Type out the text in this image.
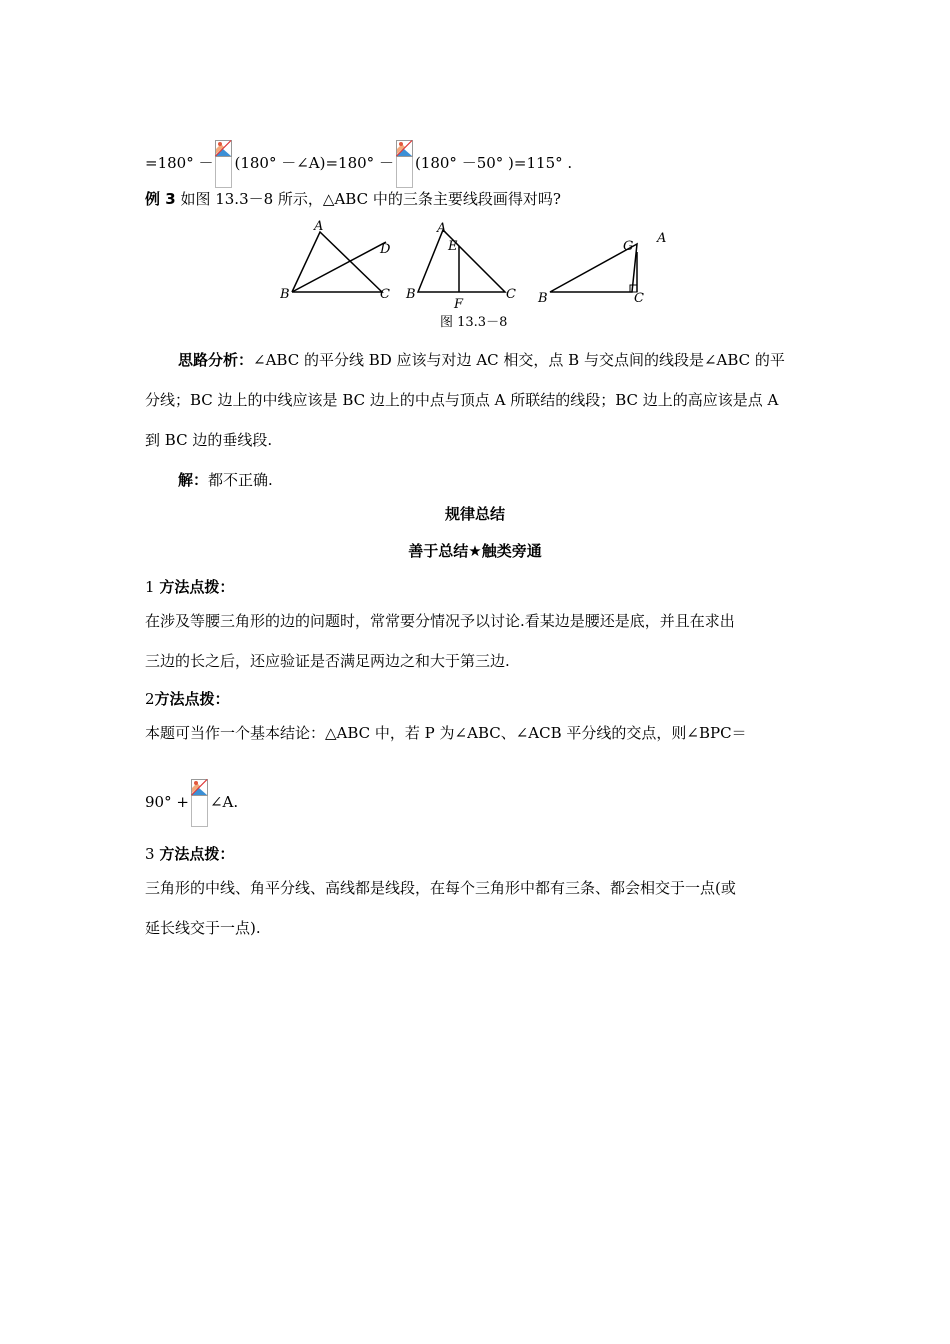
=180° － (180° －∠A)=180° － (180° －50° )=115° .
例 3 如图 13.3－8 所示，△ABC 中的三条主要线段画得对吗?
A
B	C
D
A
B	C
E
F
A
B	C
G
图 13.3－8
思路分析：∠ABC 的平分线 BD 应该与对边 AC 相交，点 B 与交点间的线段是∠ABC 的平
分线；BC 边上的中线应该是 BC 边上的中点与顶点 A 所联结的线段；BC 边上的高应该是点 A
到 BC 边的垂线段.
解：都不正确.
规律总结
善于总结★触类旁通
1 方法点拨：
在涉及等腰三角形的边的问题时，常常要分情况予以讨论.看某边是腰还是底，并且在求出
三边的长之后，还应验证是否满足两边之和大于第三边.
2方法点拨：
本题可当作一个基本结论：△ABC 中，若 P 为∠ABC、∠ACB 平分线的交点，则∠BPC＝
90° + ∠A.
3 方法点拨：
三角形的中线、角平分线、高线都是线段，在每个三角形中都有三条、都会相交于一点(或
延长线交于一点).
